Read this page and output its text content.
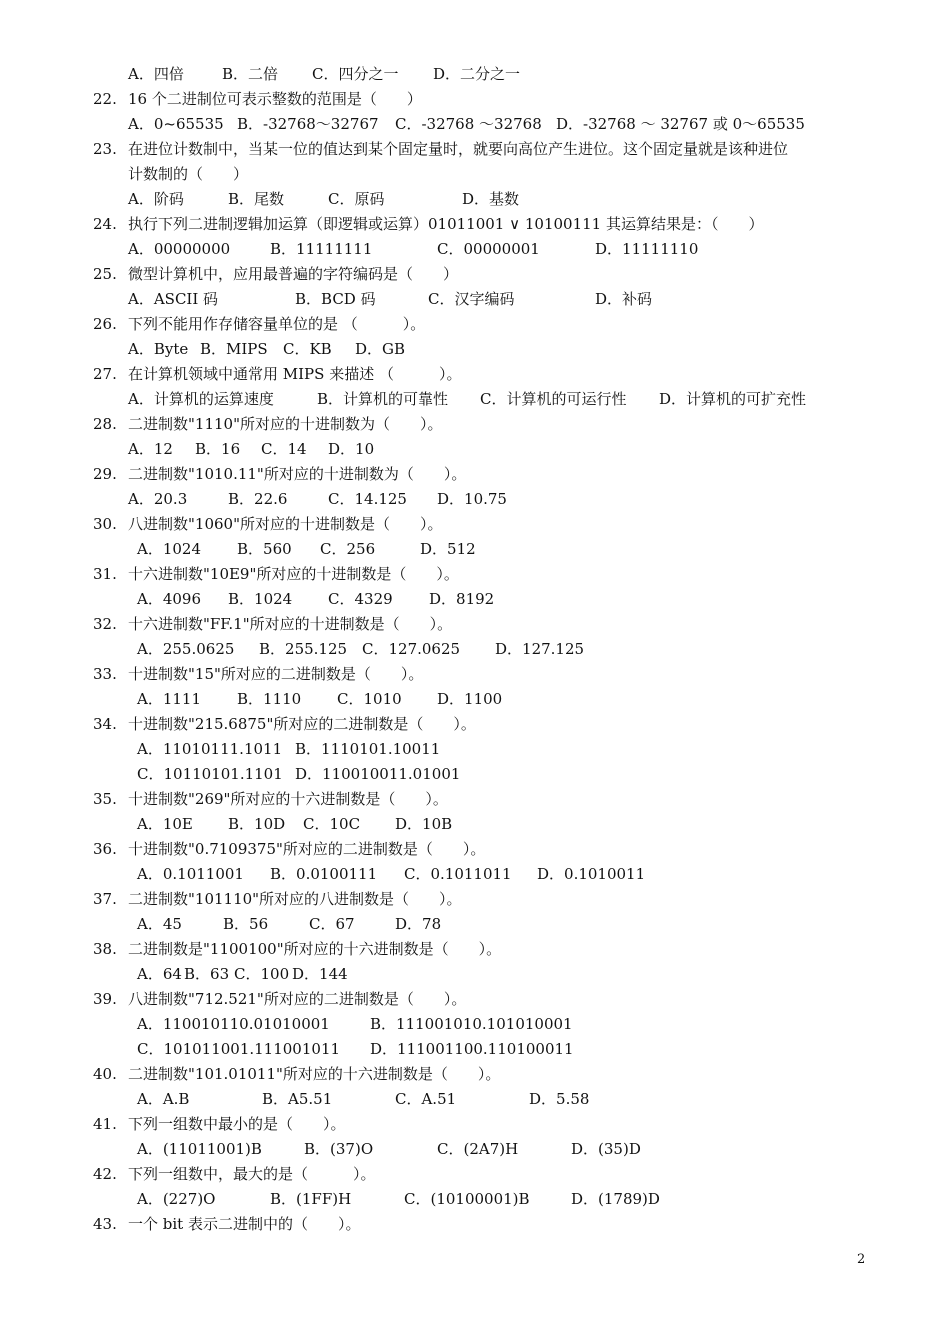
A．四倍	B．二倍 C．四分之一 D．二分之一
22. 16 个二进制位可表示整数的范围是（　　）
A．0~65535 B．-32768～32767 C．-32768 ～32768 D．-32768 ～ 32767 或 0～65535
23. 在进位计数制中，当某一位的值达到某个固定量时，就要向高位产生进位。这个固定量就是该种进位
计数制的（　　）
A．阶码	B．尾数	C．原码	D．基数
24. 执行下列二进制逻辑加运算（即逻辑或运算）01011001 ∨ 10100111 其运算结果是：（　　）
A．00000000	B．11111111	C．00000001	D．11111110
25. 微型计算机中，应用最普遍的字符编码是（　　）
A．ASCII 码	B．BCD 码	C．汉字编码	D．补码
26. 下列不能用作存储容量单位的是 （　　　）。
A．Byte B．MIPS C．KB D．GB
27. 在计算机领域中通常用 MIPS 来描述 （　　　）。
A．计算机的运算速度	B．计算机的可靠性 C．计算机的可运行性 D．计算机的可扩充性
28. 二进制数"1110"所对应的十进制数为（　　）。
A．12 B．16 C．14 D．10
29. 二进制数"1010.11"所对应的十进制数为（　　）。
A．20.3	B．22.6	C．14.125 D．10.75
30. 八进制数"1060"所对应的十进制数是（　　）。
A．1024 B．560 C．256	D．512
31. 十六进制数"10E9"所对应的十进制数是（　　）。
A．4096 B．1024 C．4329 D．8192
32. 十六进制数"FF.1"所对应的十进制数是（　　）。
A．255.0625 B．255.125 C．127.0625 D．127.125
33. 十进制数"15"所对应的二进制数是（　　）。
A．1111 B．1110 C．1010 D．1100
34. 十进制数"215.6875"所对应的二进制数是（　　）。
A．11010111.1011 B．1110101.10011
C．10110101.1101 D．110010011.01001
35. 十进制数"269"所对应的十六进制数是（　　）。
A．10E B．10D C．10C D．10B
36. 十进制数"0.7109375"所对应的二进制数是（　　）。
A．0.1011001 B．0.0100111 C．0.1011011 D．0.1010011
37. 二进制数"101110"所对应的八进制数是（　　）。
A．45	B．56	C．67	D．78
38. 二进制数是"1100100"所对应的十六进制数是（　　）。
A．64 B．63 C．100 D．144
39. 八进制数"712.521"所对应的二进制数是（　　）。
A．110010110.01010001	B．111001010.101010001
C．101011001.111001011 D．111001100.110100011
40. 二进制数"101.01011"所对应的十六进制数是（　　）。
A．A.B	B．A5.51	C．A.51	D．5.58
41. 下列一组数中最小的是（　　）。
A．(11011001)B	B．(37)O	C．(2A7)H	D．(35)D
42. 下列一组数中，最大的是（　　　）。
A．(227)O	B．(1FF)H	C．(10100001)B	D．(1789)D
43. 一个 bit 表示二进制中的（　　）。
2
